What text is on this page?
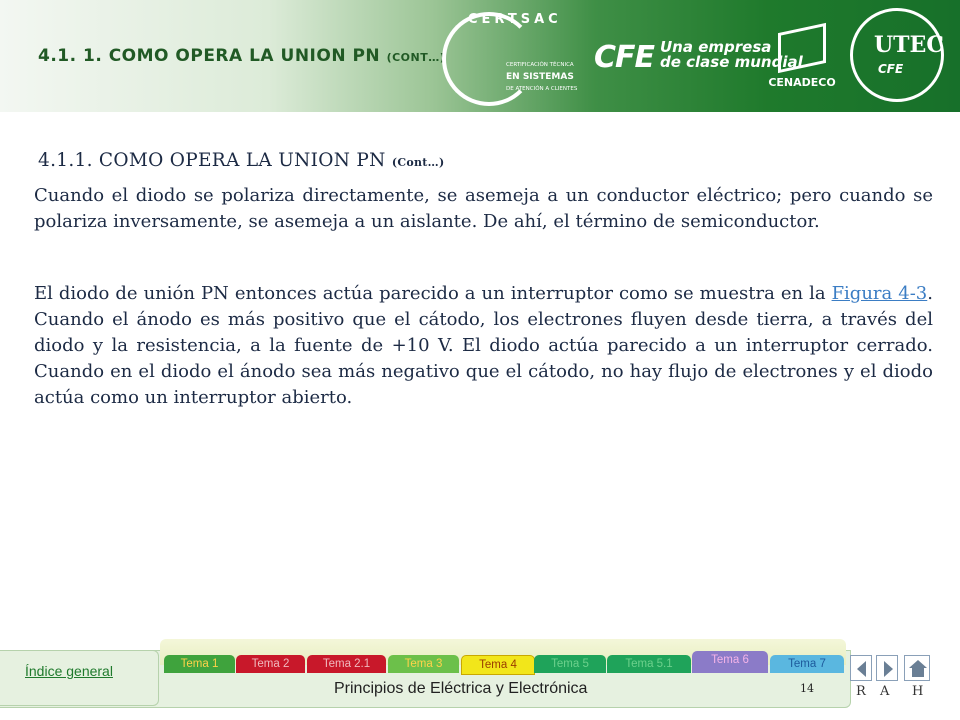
4.1. 1. COMO OPERA LA UNION PN (CONT…)
CERTSAC
CERTIFICACIÓN TÉCNICA
EN SISTEMAS
DE ATENCIÓN A CLIENTES
CFE Una empresa
de clase mundial
CENADECO
UTEC
CFE
4.1.1. COMO OPERA LA UNION PN (Cont…)

Cuando el diodo se polariza directamente, se asemeja a un conductor eléctrico; pero cuando se polariza inversamente, se asemeja a un aislante. De ahí, el término de semiconductor.

El diodo de unión PN entonces actúa parecido a un interruptor como se muestra en la Figura 4-3. Cuando el ánodo es más positivo que el cátodo, los electrones fluyen desde tierra, a través del diodo y la resistencia, a la fuente de +10 V. El diodo actúa parecido a un interruptor cerrado. Cuando en el diodo el ánodo sea más negativo que el cátodo, no hay flujo de electrones y el diodo actúa como un interruptor abierto.

Índice general	Tema 1	Tema 2	Tema 2.1	Tema 3	Tema 4	Tema 5	Tema 5.1	Tema 6	Tema 7
Principios de Eléctrica y Electrónica	14	R A H
